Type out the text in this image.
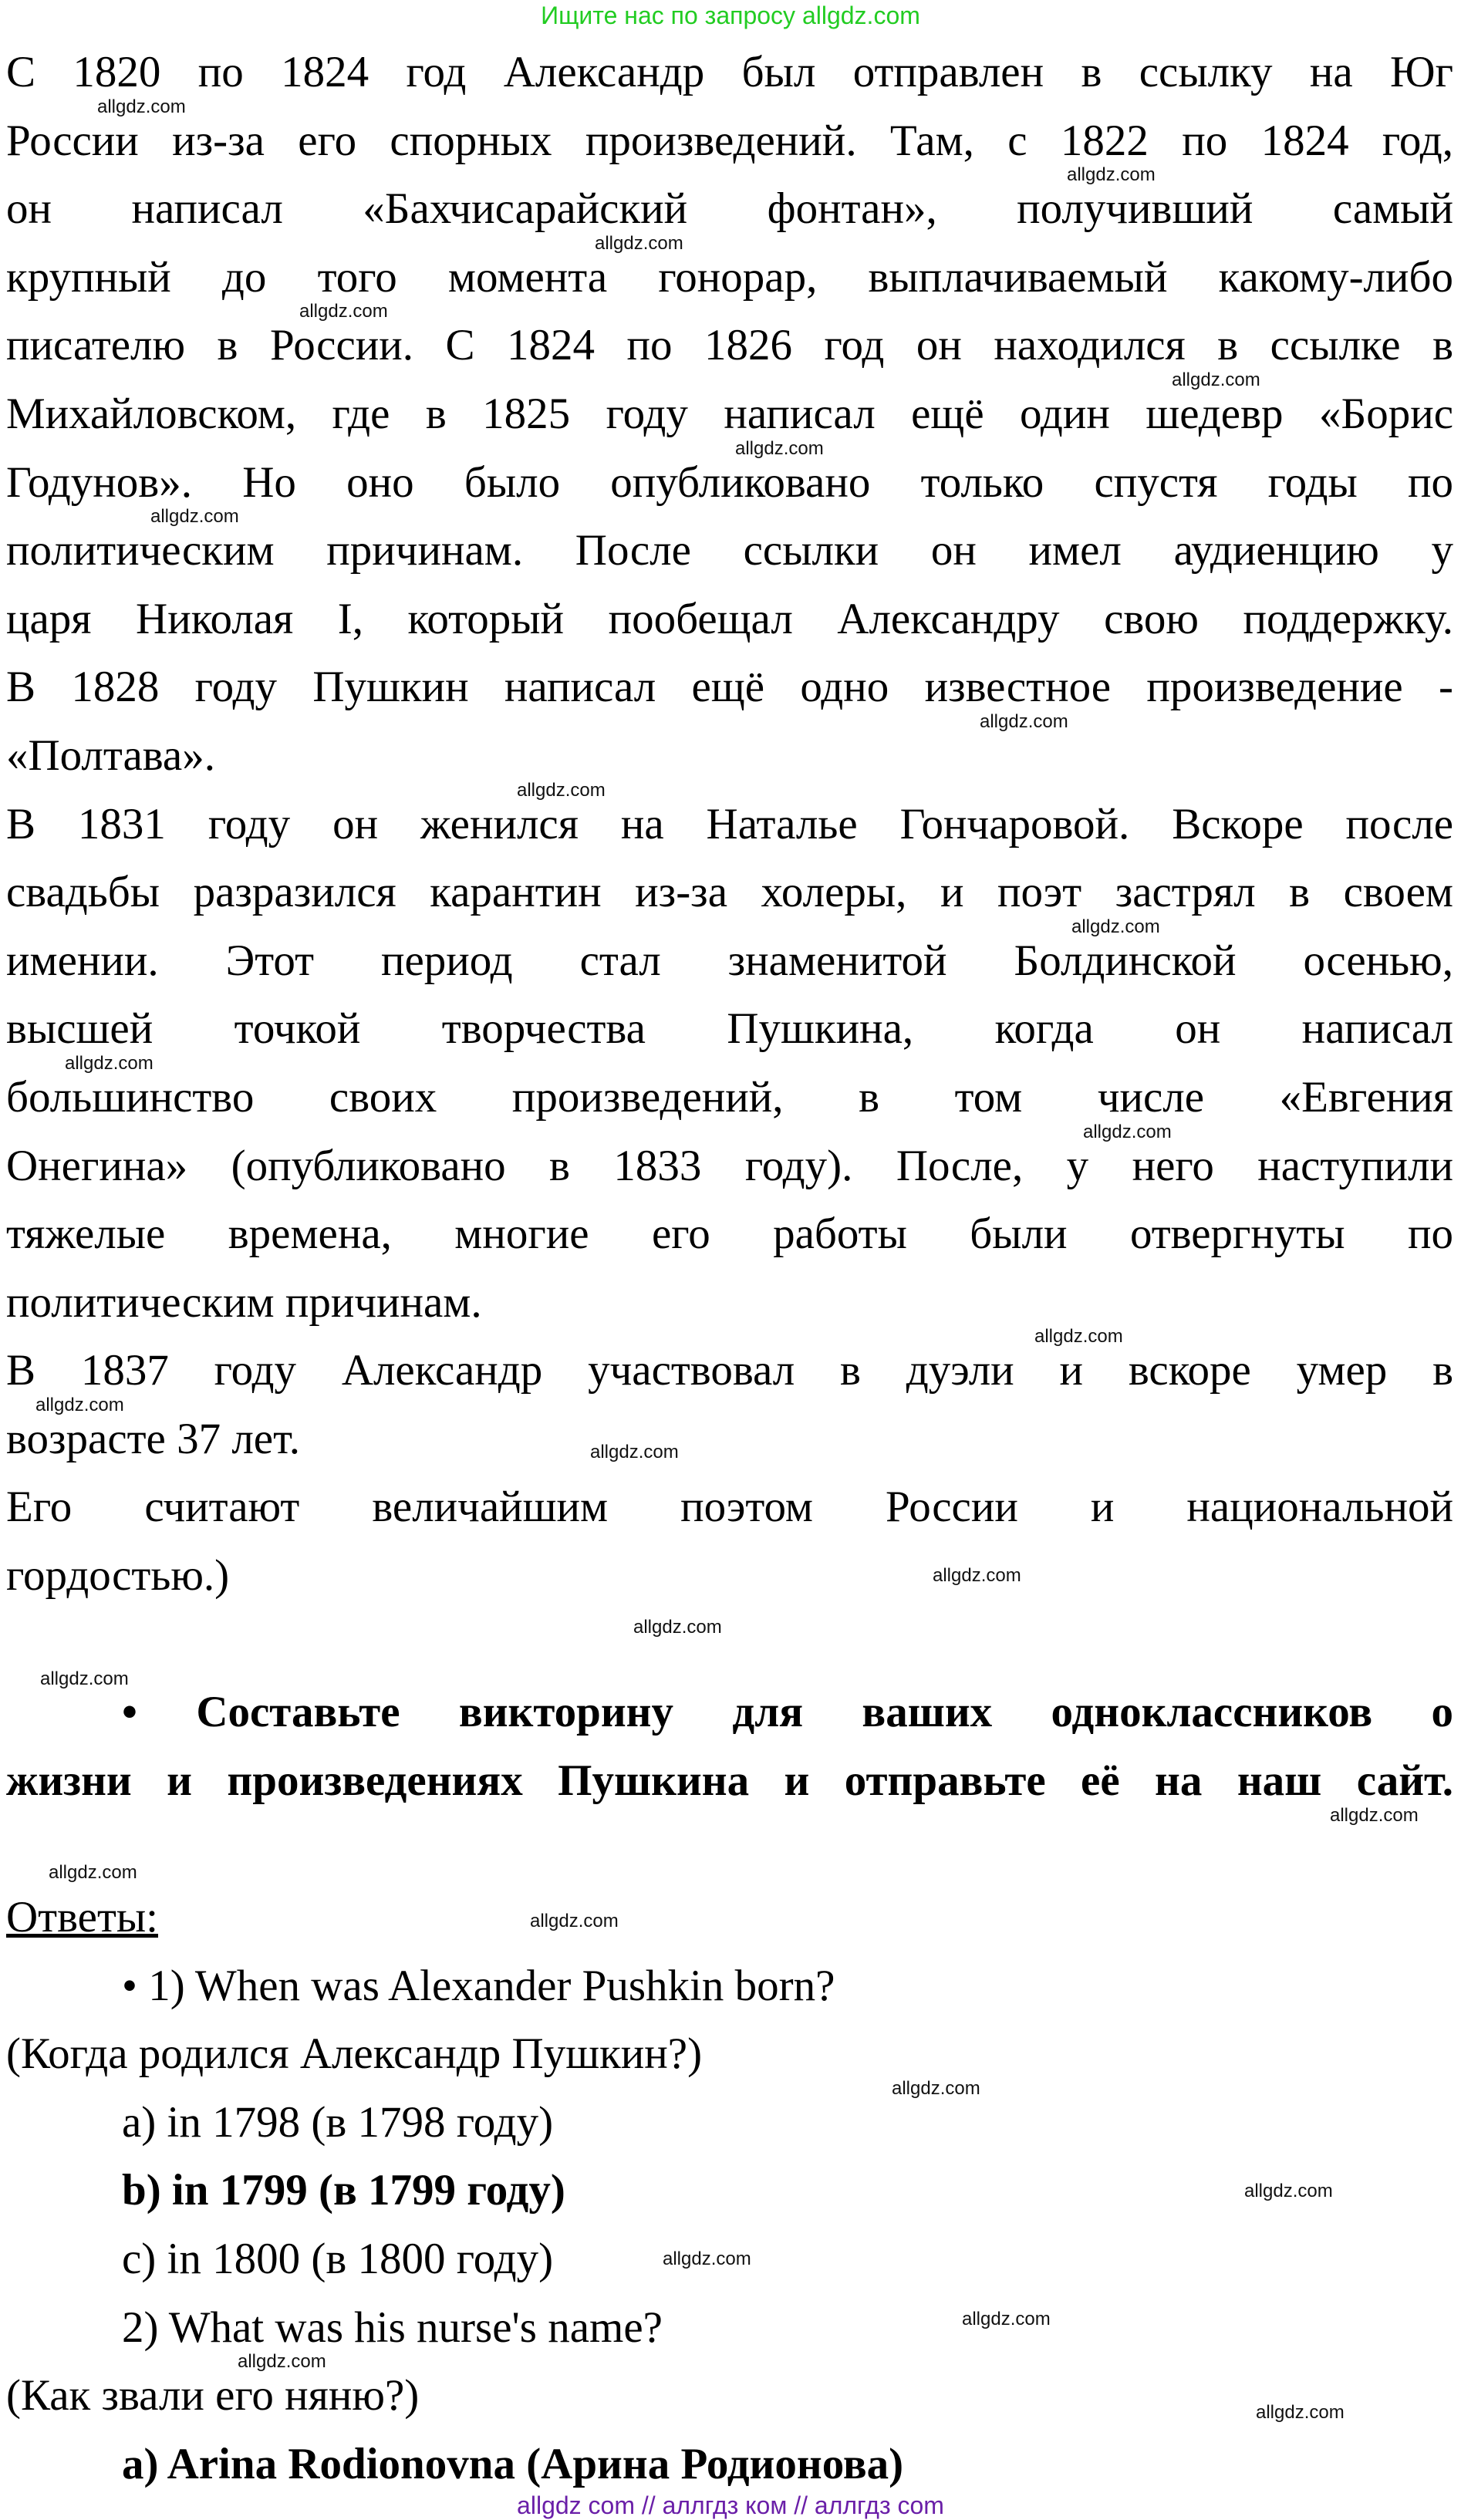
Ищите нас по запросу allgdz.com
С 1820 по 1824 год Александр был отправлен в ссылку на Юг
России из-за его спорных произведений. Там, с 1822 по 1824 год,
он написал «Бахчисарайский фонтан», получивший самый
крупный до того момента гонорар, выплачиваемый какому-либо
писателю в России. С 1824 по 1826 год он находился в ссылке в
Михайловском, где в 1825 году написал ещё один шедевр «Борис
Годунов». Но оно было опубликовано только спустя годы по
политическим причинам. После ссылки он имел аудиенцию у
царя Николая I, который пообещал Александру свою поддержку.
В 1828 году Пушкин написал ещё одно известное произведение -
«Полтава».
В 1831 году он женился на Наталье Гончаровой. Вскоре после
свадьбы разразился карантин из-за холеры, и поэт застрял в своем
имении. Этот период стал знаменитой Болдинской осенью,
высшей точкой творчества Пушкина, когда он написал
большинство своих произведений, в том числе «Евгения
Онегина» (опубликовано в 1833 году). После, у него наступили
тяжелые времена, многие его работы были отвергнуты по
политическим причинам.
В 1837 году Александр участвовал в дуэли и вскоре умер в
возрасте 37 лет.
Его считают величайшим поэтом России и национальной
гордостью.)
• Составьте викторину для ваших одноклассников о
жизни и произведениях Пушкина и отправьте её на наш сайт.
Ответы:
• 1) When was Alexander Pushkin born?
(Когда родился Александр Пушкин?)
a) in 1798 (в 1798 году)
b) in 1799 (в 1799 году)
c) in 1800 (в 1800 году)
2) What was his nurse's name?
(Как звали его няню?)
a) Arina Rodionovna (Арина Родионова)
allgdz.com
allgdz.com
allgdz.com
allgdz.com
allgdz.com
allgdz.com
allgdz.com
allgdz.com
allgdz.com
allgdz.com
allgdz.com
allgdz.com
allgdz.com
allgdz.com
allgdz.com
allgdz.com
allgdz.com
allgdz.com
allgdz.com
allgdz.com
allgdz.com
allgdz.com
allgdz.com
allgdz.com
allgdz.com
allgdz.com
allgdz.com
allgdz com // аллгдз ком // аллгдз com
